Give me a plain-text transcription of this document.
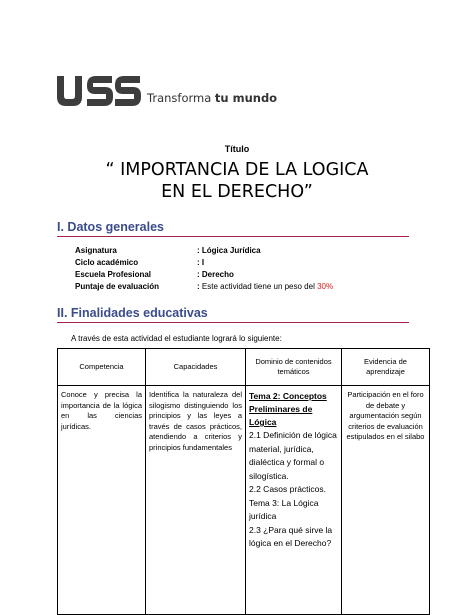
Transforma tu mundo
Título
“ IMPORTANCIA DE LA LOGICA
EN EL DERECHO”
I. Datos generales
Asignatura	: Lógica Jurídica
Ciclo académico	: I
Escuela Profesional	: Derecho
Puntaje de evaluación	: Este actividad tiene un peso del 30%
II. Finalidades educativas
A través de esta actividad el estudiante logrará lo siguiente:
Competencia	Capacidades	Dominio de contenidos temáticos	Evidencia de aprendizaje
Conoce y precisa la importancia de la lógica en las ciencias jurídicas.	Identifica la naturaleza del silogismo distinguiendo los principios y las leyes a través de casos prácticos, atendiendo a criterios y principios fundamentales	Tema 2: Conceptos Preliminares de Lógica
2.1 Definición de lógica material, jurídica, dialéctica y formal o silogística.
2.2 Casos prácticos.
Tema 3: La Lógica jurídica
2.3 ¿Para qué sirve la lógica en el Derecho?	Participación en el foro de debate y argumentación según criterios de evaluación estipulados en el silabo
